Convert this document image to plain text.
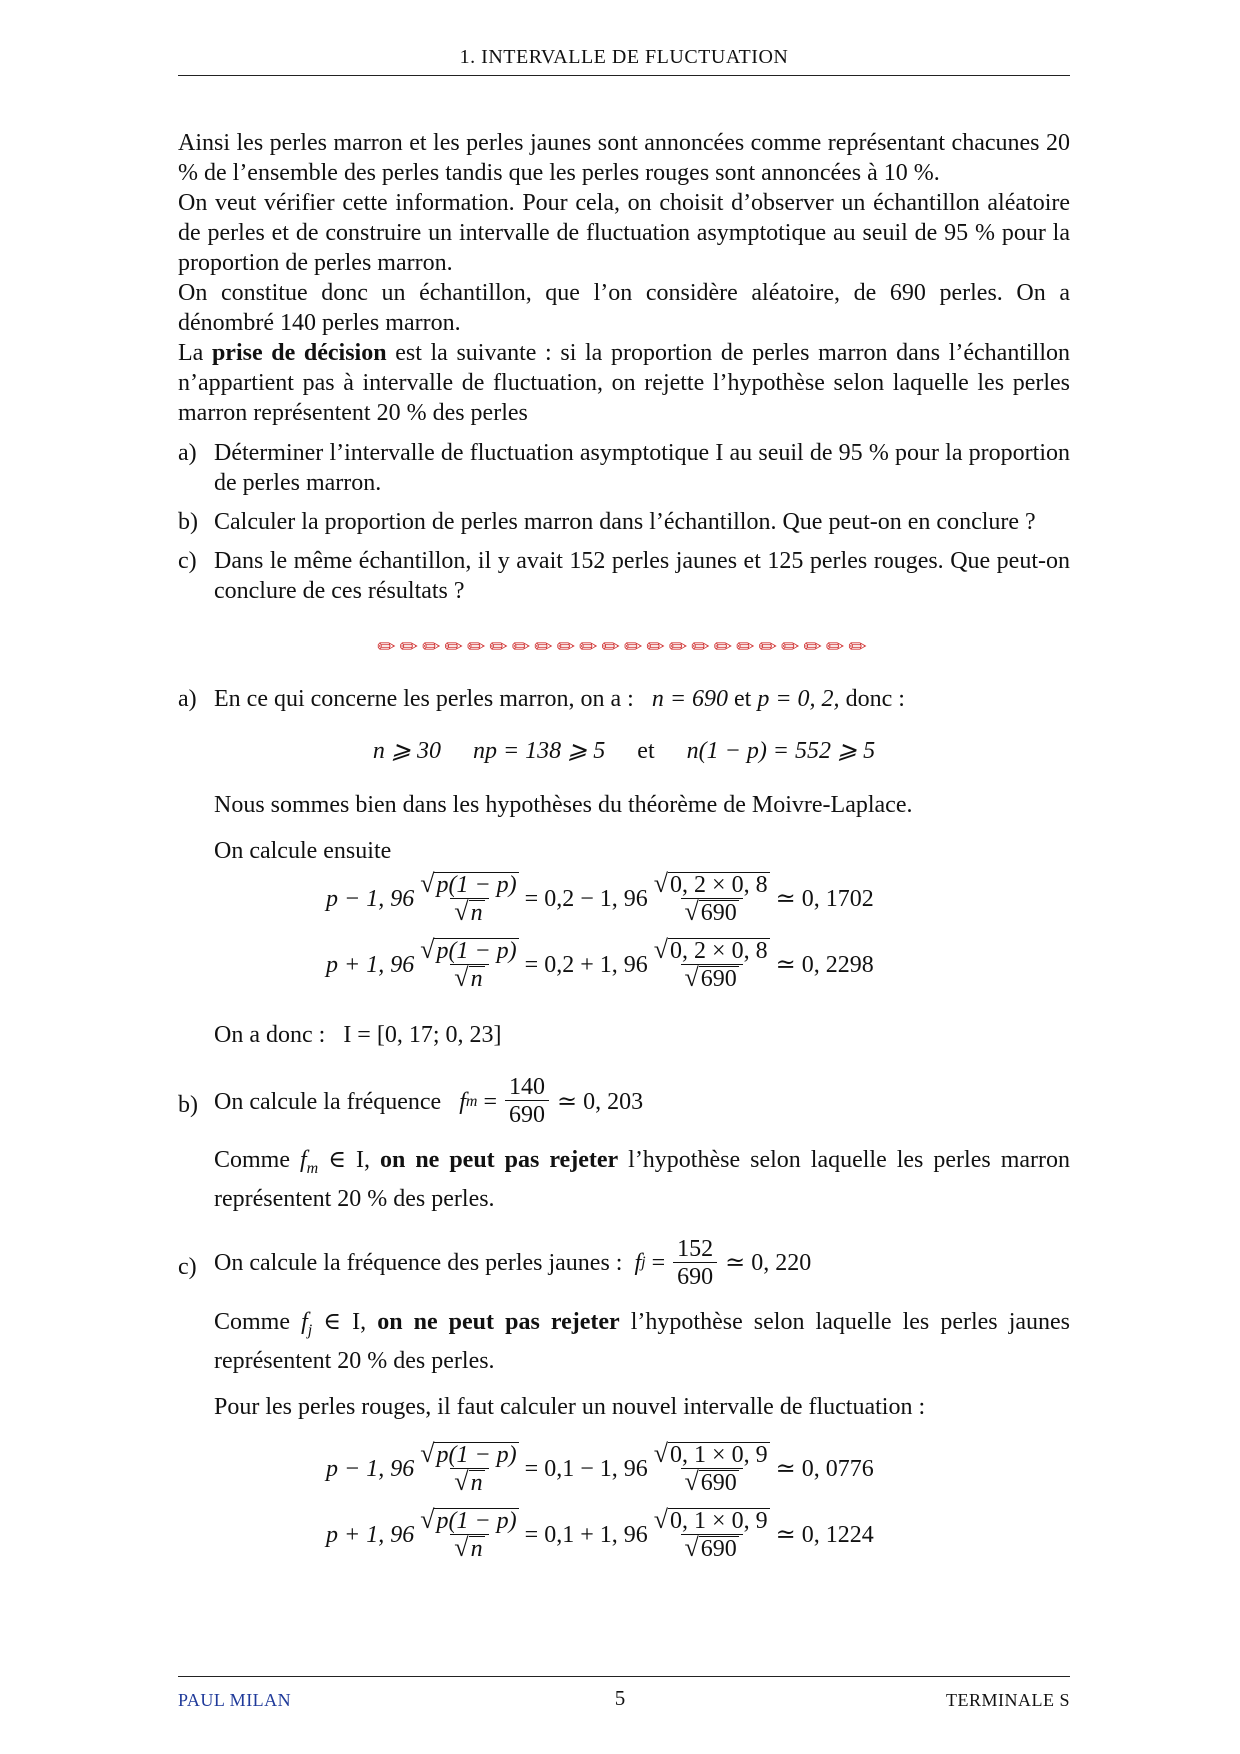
1. INTERVALLE DE FLUCTUATION

Ainsi les perles marron et les perles jaunes sont annoncées comme représentant chacunes 20 % de l’ensemble des perles tandis que les perles rouges sont annoncées à 10 %.

On veut vérifier cette information. Pour cela, on choisit d’observer un échantillon aléatoire de perles et de construire un intervalle de fluctuation asymptotique au seuil de 95 % pour la proportion de perles marron.

On constitue donc un échantillon, que l’on considère aléatoire, de 690 perles. On a dénombré 140 perles marron.

La prise de décision est la suivante : si la proportion de perles marron dans l’échantillon n’appartient pas à intervalle de fluctuation, on rejette l’hypothèse selon laquelle les perles marron représentent 20 % des perles

a) Déterminer l’intervalle de fluctuation asymptotique I au seuil de 95 % pour la proportion de perles marron.
b) Calculer la proportion de perles marron dans l’échantillon. Que peut-on en conclure ?
c) Dans le même échantillon, il y avait 152 perles jaunes et 125 perles rouges. Que peut-on conclure de ces résultats ?
✏✏✏✏✏✏✏✏✏✏✏✏✏✏✏✏✏✏✏✏✏✏
a) En ce qui concerne les perles marron, on a : n = 690 et p = 0, 2, donc :

n ⩾ 30 np = 138 ⩾ 5 et n(1 − p) = 552 ⩾ 5

Nous sommes bien dans les hypothèses du théorème de Moivre-Laplace.

On calcule ensuite

p − 1, $96 \frac{√ p(1 - p)}{√ n} = 0,2 - 1$, $96 \frac{√ 0, 2 \times 0, 8}{√ 690}$ ≃ 0, 1702
p + 1, $96 \frac{√ p(1 - p)}{√ n} = 0,2 + 1$, $96 \frac{√ 0, 2 \times 0, 8}{√ 690}$ ≃ 0, 2298

On a donc : I = [0, 17; 0, 23]

b) On calcule la fréquence
f $m = \frac{140}{690}$
≃ 0, 203

Comme $f_m$ ∈ I, on ne peut pas rejeter l’hypothèse selon laquelle les perles marron représentent 20 % des perles.

c) On calcule la fréquence des perles jaunes :
f $j = \frac{152}{690}$
≃ 0, 220

Comme $f_j$ ∈ I, on ne peut pas rejeter l’hypothèse selon laquelle les perles jaunes représentent 20 % des perles.

Pour les perles rouges, il faut calculer un nouvel intervalle de fluctuation :

p − 1, $96 \frac{√ p(1 - p)}{√ n} = 0,1 - 1$, $96 \frac{√ 0, 1 \times 0, 9}{√ 690}$ ≃ 0, 0776
p + 1, $96 \frac{√ p(1 - p)}{√ n} = 0,1 + 1$, $96 \frac{√ 0, 1 \times 0, 9}{√ 690}$ ≃ 0, 1224
PAUL MILAN	5	TERMINALE S
